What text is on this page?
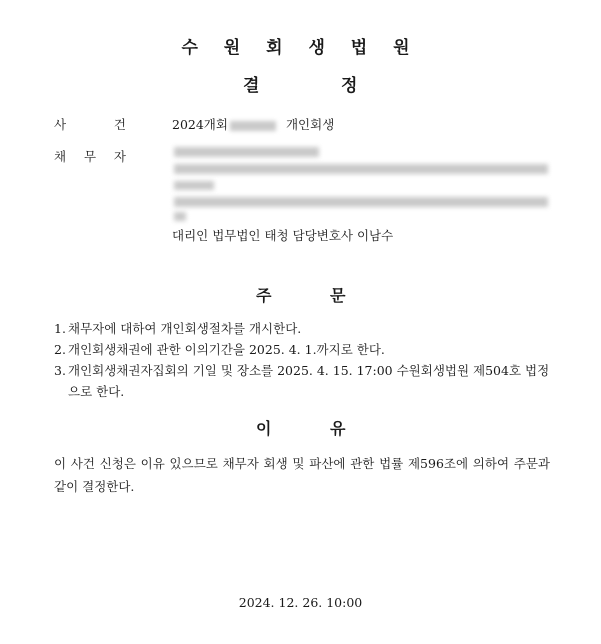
수 원 회 생 법 원
결	정
사	건	2024개회	개인회생
채 무 자
대리인 법무법인 태청 담당변호사 이남수
주	문
1. 채무자에 대하여 개인회생절차를 개시한다.
2. 개인회생채권에 관한 이의기간을 2025. 4. 1.까지로 한다.
3. 개인회생채권자집회의 기일 및 장소를 2025. 4. 15. 17:00 수원회생법원 제504호 법정으로 한다.
이	유
이 사건 신청은 이유 있으므로 채무자 회생 및 파산에 관한 법률 제596조에 의하여 주문과 같이 결정한다.
2024. 12. 26. 10:00
